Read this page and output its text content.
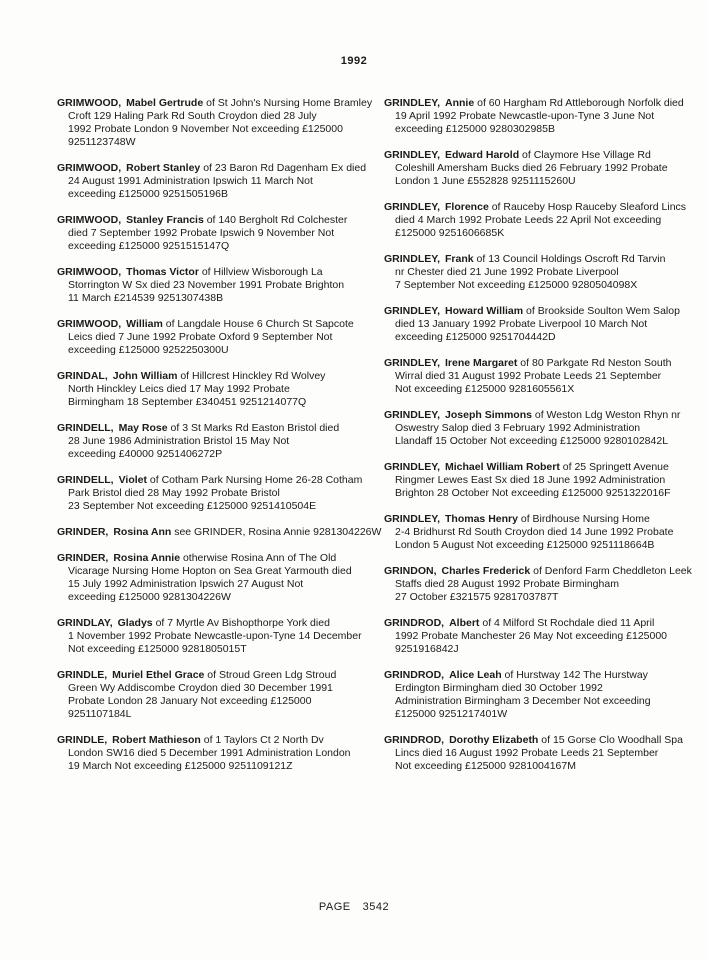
1992
GRIMWOOD, Mabel Gertrude of St John's Nursing Home Bramley
Croft 129 Haling Park Rd South Croydon died 28 July
1992 Probate London 9 November Not exceeding £125000
9251123748W
GRIMWOOD, Robert Stanley of 23 Baron Rd Dagenham Ex died
24 August 1991 Administration Ipswich 11 March Not
exceeding £125000 9251505196B
GRIMWOOD, Stanley Francis of 140 Bergholt Rd Colchester
died 7 September 1992 Probate Ipswich 9 November Not
exceeding £125000 9251515147Q
GRIMWOOD, Thomas Victor of Hillview Wisborough La
Storrington W Sx died 23 November 1991 Probate Brighton
11 March £214539 9251307438B
GRIMWOOD, William of Langdale House 6 Church St Sapcote
Leics died 7 June 1992 Probate Oxford 9 September Not
exceeding £125000 9252250300U
GRINDAL, John William of Hillcrest Hinckley Rd Wolvey
North Hinckley Leics died 17 May 1992 Probate
Birmingham 18 September £340451 9251214077Q
GRINDELL, May Rose of 3 St Marks Rd Easton Bristol died
28 June 1986 Administration Bristol 15 May Not
exceeding £40000 9251406272P
GRINDELL, Violet of Cotham Park Nursing Home 26-28 Cotham
Park Bristol died 28 May 1992 Probate Bristol
23 September Not exceeding £125000 9251410504E
GRINDER, Rosina Ann see GRINDER, Rosina Annie 9281304226W
GRINDER, Rosina Annie otherwise Rosina Ann of The Old
Vicarage Nursing Home Hopton on Sea Great Yarmouth died
15 July 1992 Administration Ipswich 27 August Not
exceeding £125000 9281304226W
GRINDLAY, Gladys of 7 Myrtle Av Bishopthorpe York died
1 November 1992 Probate Newcastle-upon-Tyne 14 December
Not exceeding £125000 9281805015T
GRINDLE, Muriel Ethel Grace of Stroud Green Ldg Stroud
Green Wy Addiscombe Croydon died 30 December 1991
Probate London 28 January Not exceeding £125000
9251107184L
GRINDLE, Robert Mathieson of 1 Taylors Ct 2 North Dv
London SW16 died 5 December 1991 Administration London
19 March Not exceeding £125000 9251109121Z
GRINDLEY, Annie of 60 Hargham Rd Attleborough Norfolk died
19 April 1992 Probate Newcastle-upon-Tyne 3 June Not
exceeding £125000 9280302985B
GRINDLEY, Edward Harold of Claymore Hse Village Rd
Coleshill Amersham Bucks died 26 February 1992 Probate
London 1 June £552828 9251115260U
GRINDLEY, Florence of Rauceby Hosp Rauceby Sleaford Lincs
died 4 March 1992 Probate Leeds 22 April Not exceeding
£125000 9251606685K
GRINDLEY, Frank of 13 Council Holdings Oscroft Rd Tarvin
nr Chester died 21 June 1992 Probate Liverpool
7 September Not exceeding £125000 9280504098X
GRINDLEY, Howard William of Brookside Soulton Wem Salop
died 13 January 1992 Probate Liverpool 10 March Not
exceeding £125000 9251704442D
GRINDLEY, Irene Margaret of 80 Parkgate Rd Neston South
Wirral died 31 August 1992 Probate Leeds 21 September
Not exceeding £125000 9281605561X
GRINDLEY, Joseph Simmons of Weston Ldg Weston Rhyn nr
Oswestry Salop died 3 February 1992 Administration
Llandaff 15 October Not exceeding £125000 9280102842L
GRINDLEY, Michael William Robert of 25 Springett Avenue
Ringmer Lewes East Sx died 18 June 1992 Administration
Brighton 28 October Not exceeding £125000 9251322016F
GRINDLEY, Thomas Henry of Birdhouse Nursing Home
2-4 Bridhurst Rd South Croydon died 14 June 1992 Probate
London 5 August Not exceeding £125000 9251118664B
GRINDON, Charles Frederick of Denford Farm Cheddleton Leek
Staffs died 28 August 1992 Probate Birmingham
27 October £321575 9281703787T
GRINDROD, Albert of 4 Milford St Rochdale died 11 April
1992 Probate Manchester 26 May Not exceeding £125000
9251916842J
GRINDROD, Alice Leah of Hurstway 142 The Hurstway
Erdington Birmingham died 30 October 1992
Administration Birmingham 3 December Not exceeding
£125000 9251217401W
GRINDROD, Dorothy Elizabeth of 15 Gorse Clo Woodhall Spa
Lincs died 16 August 1992 Probate Leeds 21 September
Not exceeding £125000 9281004167M
PAGE 3542
